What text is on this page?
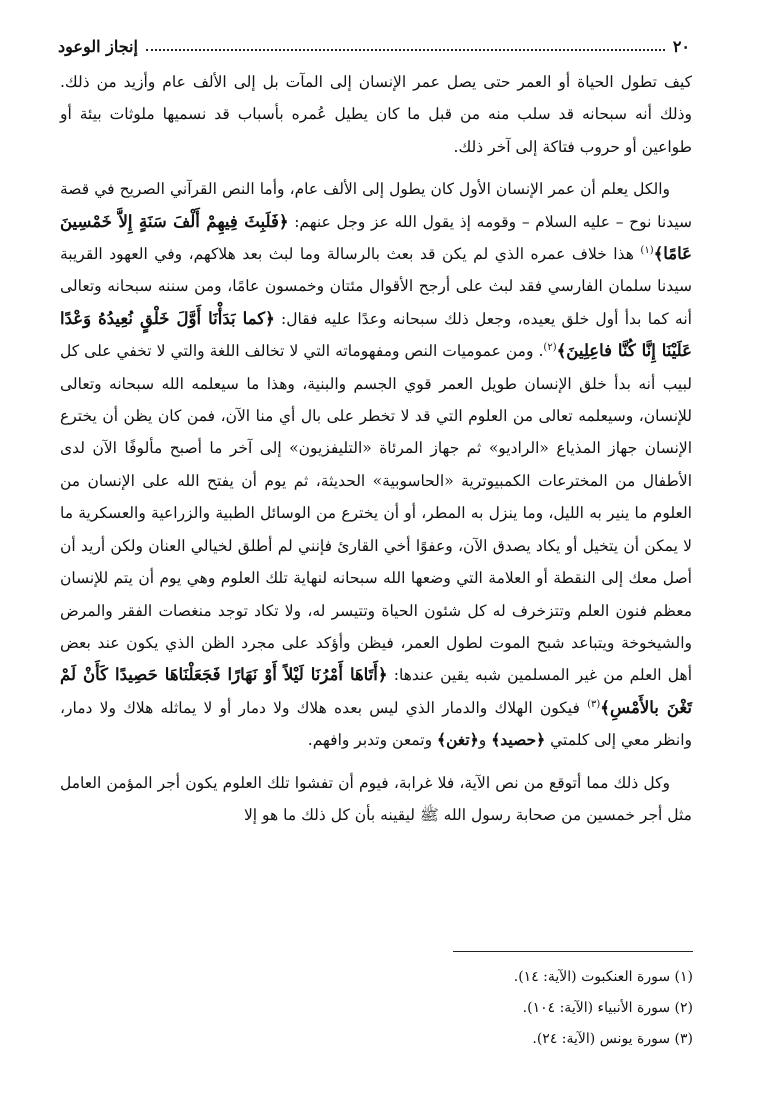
٢٠
إنجاز الوعود

كيف تطول الحياة أو العمر حتى يصل عمر الإنسان إلى المآت بل إلى الألف عام وأزيد من ذلك. وذلك أنه سبحانه قد سلب منه من قبل ما كان يطيل عُمره بأسباب قد نسميها ملوثات بيئة أو طواعين أو حروب فتاكة إلى آخر ذلك.

والكل يعلم أن عمر الإنسان الأول كان يطول إلى الألف عام، وأما النص القرآني الصريح في قصة سيدنا نوح – عليه السلام – وقومه إذ يقول الله عز وجل عنهم: ﴿فَلَبِثَ فِيهِمْ أَلْفَ سَنَةٍ إِلاَّ خَمْسِينَ عَامًا﴾$^{(١)}$ هذا خلاف عمره الذي لم يكن قد بعث بالرسالة وما لبث بعد هلاكهم، وفي العهود القريبة سيدنا سلمان الفارسي فقد لبث على أرجح الأقوال مئتان وخمسون عامًا، ومن سننه سبحانه وتعالى أنه كما بدأ أول خلق يعيده، وجعل ذلك سبحانه وعدًا عليه فقال: ﴿كما بَدَأْنَا أَوَّلَ خَلْقٍ نُعِيدُهُ وَعْدًا عَلَيْنَا إِنَّا كُنَّا فاعِلِينَ﴾$^{(٢)}$. ومن عموميات النص ومفهوماته التي لا تخالف اللغة والتي لا تخفي على كل لبيب أنه بدأ خلق الإنسان طويل العمر قوي الجسم والبنية، وهذا ما سيعلمه الله سبحانه وتعالى للإنسان، وسيعلمه تعالى من العلوم التي قد لا تخطر على بال أي منا الآن، فمن كان يظن أن يخترع الإنسان جهاز المذياع «الراديو» ثم جهاز المرئاة «التليفزيون» إلى آخر ما أصبح مألوفًا الآن لدى الأطفال من المخترعات الكمبيوترية «الحاسوبية» الحديثة، ثم يوم أن يفتح الله على الإنسان من العلوم ما ينير به الليل، وما ينزل به المطر، أو أن يخترع من الوسائل الطبية والزراعية والعسكرية ما لا يمكن أن يتخيل أو يكاد يصدق الآن، وعفوًا أخي القارئ فإنني لم أطلق لخيالي العنان ولكن أريد أن أصل معك إلى النقطة أو العلامة التي وضعها الله سبحانه لنهاية تلك العلوم وهي يوم أن يتم للإنسان معظم فنون العلم وتتزخرف له كل شئون الحياة وتتيسر له، ولا تكاد توجد منغصات الفقر والمرض والشيخوخة ويتباعد شبح الموت لطول العمر، فيظن وأؤكد على مجرد الظن الذي يكون عند بعض أهل العلم من غير المسلمين شبه يقين عندها: ﴿أَتَاهَا أَمْرُنَا لَيْلاً أَوْ نَهَارًا فَجَعَلْنَاهَا حَصِيدًا كَأَنْ لَمْ تَغْنَ بالأَمْسِ﴾$^{(٣)}$ فيكون الهلاك والدمار الذي ليس بعده هلاك ولا دمار أو لا يماثله هلاك ولا دمار، وانظر معي إلى كلمتي ﴿حصيد﴾ و﴿تغن﴾ وتمعن وتدبر وافهم.

وكل ذلك مما أتوقع من نص الآية، فلا غرابة، فيوم أن تفشوا تلك العلوم يكون أجر المؤمن العامل مثل أجر خمسين من صحابة رسول الله ﷺ ليقينه بأن كل ذلك ما هو إلا

(١) سورة العنكبوت (الآية: ١٤).
(٢) سورة الأنبياء (الآية: ١٠٤).
(٣) سورة يونس (الآية: ٢٤).
